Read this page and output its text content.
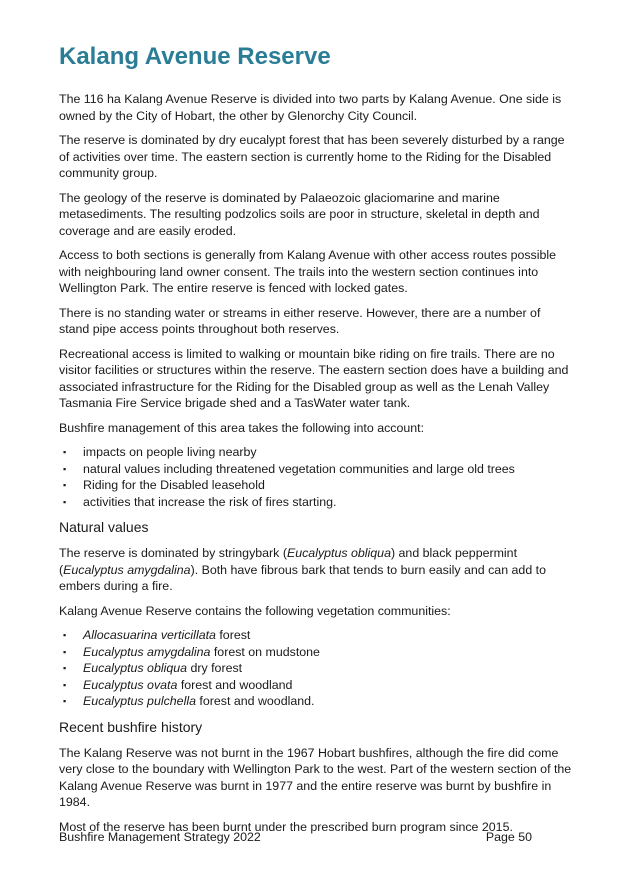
Kalang Avenue Reserve

The 116 ha Kalang Avenue Reserve is divided into two parts by Kalang Avenue. One side is owned by the City of Hobart, the other by Glenorchy City Council.

The reserve is dominated by dry eucalypt forest that has been severely disturbed by a range of activities over time. The eastern section is currently home to the Riding for the Disabled community group.

The geology of the reserve is dominated by Palaeozoic glaciomarine and marine metasediments. The resulting podzolics soils are poor in structure, skeletal in depth and coverage and are easily eroded.

Access to both sections is generally from Kalang Avenue with other access routes possible with neighbouring land owner consent. The trails into the western section continues into Wellington Park. The entire reserve is fenced with locked gates.

There is no standing water or streams in either reserve. However, there are a number of stand pipe access points throughout both reserves.

Recreational access is limited to walking or mountain bike riding on fire trails. There are no visitor facilities or structures within the reserve. The eastern section does have a building and associated infrastructure for the Riding for the Disabled group as well as the Lenah Valley Tasmania Fire Service brigade shed and a TasWater water tank.

Bushfire management of this area takes the following into account:

▪ impacts on people living nearby
▪ natural values including threatened vegetation communities and large old trees
▪ Riding for the Disabled leasehold
▪ activities that increase the risk of fires starting.
Natural values

The reserve is dominated by stringybark (Eucalyptus obliqua) and black peppermint (Eucalyptus amygdalina). Both have fibrous bark that tends to burn easily and can add to embers during a fire.

Kalang Avenue Reserve contains the following vegetation communities:

▪ Allocasuarina verticillata forest
▪ Eucalyptus amygdalina forest on mudstone
▪ Eucalyptus obliqua dry forest
▪ Eucalyptus ovata forest and woodland
▪ Eucalyptus pulchella forest and woodland.
Recent bushfire history

The Kalang Reserve was not burnt in the 1967 Hobart bushfires, although the fire did come very close to the boundary with Wellington Park to the west. Part of the western section of the Kalang Avenue Reserve was burnt in 1977 and the entire reserve was burnt by bushfire in 1984.

Most of the reserve has been burnt under the prescribed burn program since 2015.

Bushfire Management Strategy 2022	Page 50
